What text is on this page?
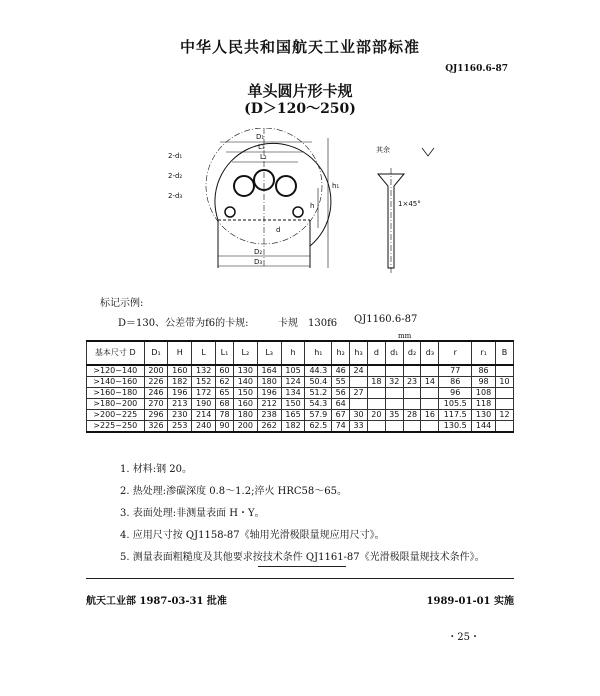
中华人民共和国航天工业部部标准
QJ1160.6-87
单头圆片形卡规
(D＞120～250)
D₁
L₃
L₂
2-d₁
2-d₂
2-d₃
h₁
h
D₂
D₃
d
其余
1×45°
标记示例:
D＝130、公差带为f6的卡规:	卡规　130f6 QJ1160.6-87
mm
基本尺寸 D	D₁	H	L	L₁	L₂	L₃	h	h₁	h₂	h₃	d	d₁	d₂	d₃	r	r₁	B
>120~140	200	160	132	60	130	164	105	44.3	46	24					77	86	
>140~160	226	182	152	62	140	180	124	50.4	55		18	32	23	14	86	98	10
>160~180	246	196	172	65	150	196	134	51.2	56	27					96	108	
>180~200	270	213	190	68	160	212	150	54.3	64						105.5	118	
>200~225	296	230	214	78	180	238	165	57.9	67	30	20	35	28	16	117.5	130	12
>225~250	326	253	240	90	200	262	182	62.5	74	33					130.5	144	
1. 材料:钢 20。
2. 热处理:渗碳深度 0.8～1.2;淬火 HRC58～65。
3. 表面处理:非测量表面 H・Y。
4. 应用尺寸按 QJ1158-87《轴用光滑极限量规应用尺寸》。
5. 测量表面粗糙度及其他要求按技术条件 QJ1161-87《光滑极限量规技术条件》。
航天工业部 1987-03-31 批准	1989-01-01 实施
・25・
